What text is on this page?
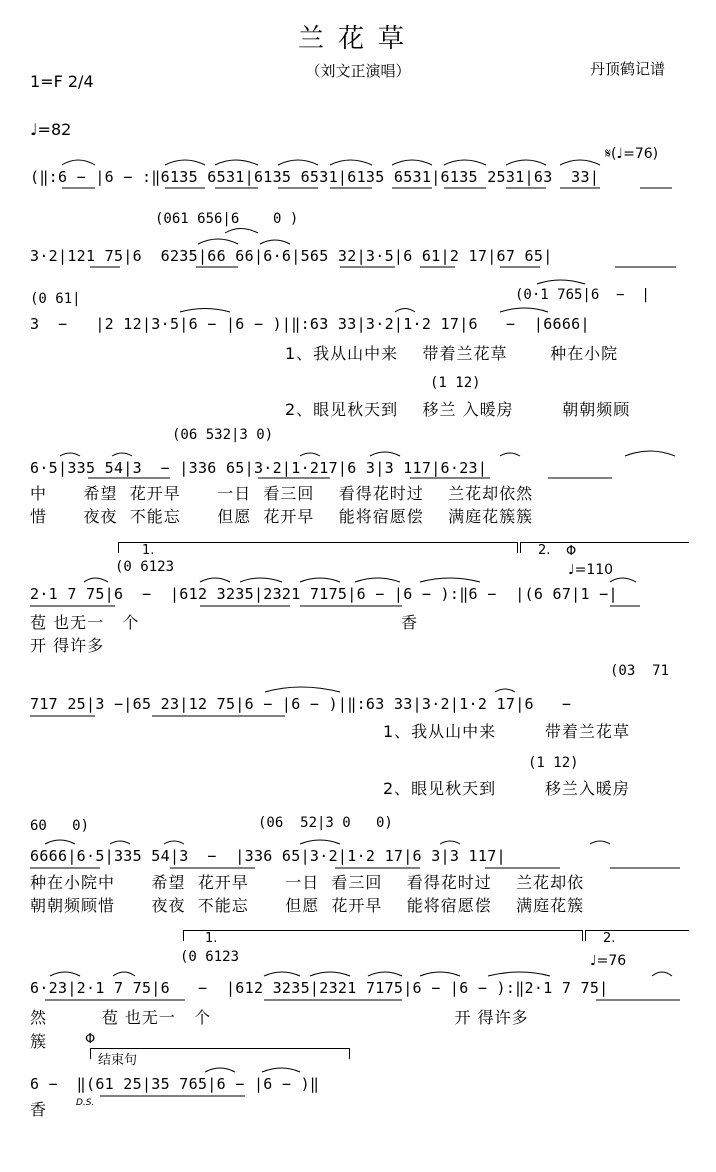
兰花草
（刘文正演唱）	丹顶鹤记谱
1=F 2/4
♩=82
𝄋(♩=76)
(‖:6 − |6 − :‖6135 6531|6135 6531|6135 6531|6135 2531|63  33|
(061 656|6    0 )
3·2|121 75|6  6235|66 66|6·6|565 32|3·5|6 61|2 17|67 65|
(0 61|	(0·1 765|6  −  |
3  −   |2 12|3·5|6 − |6 − )|‖:63 33|3·2|1·2 17|6   −  |6666|
1、我从山中来    带着兰花草       种在小院
(1 12)
2、眼见秋天到    移兰 入暖房        朝朝频顾
(06 532|3 0)
6·5|335 54|3  − |336 65|3·2|1·217|6 3|3 117|6·23|
中      希望  花开早      一日  看三回    看得花时过    兰花却依然
惜      夜夜  不能忘      但愿  花开早    能将宿愿偿    满庭花簇簇
1.	2. Φ
♩=110
(0 6123
2·1 7 75|6  −  |612 3235|2321 7175|6 − |6 − ):‖6 −  |(6 67|1 −|
苞 也无一   个                                           香
开 得许多
(03  71
717 25|3 −|65 23|12 75|6 − |6 − )|‖:63 33|3·2|1·2 17|6   −
1、我从山中来        带着兰花草
(1 12)
2、眼见秋天到        移兰入暖房
60   0)	(06  52|3 0   0)
6666|6·5|335 54|3  −  |336 65|3·2|1·2 17|6 3|3 117|
种在小院中      希望  花开早      一日  看三回    看得花时过    兰花却依
朝朝频顾惜      夜夜  不能忘      但愿  花开早    能将宿愿偿    满庭花簇
1.	2.
♩=76
(0 6123
6·23|2·1 7 75|6   −  |612 3235|2321 7175|6 − |6 − ):‖2·1 7 75|
然         苞 也无一   个                                        开 得许多
簇	Φ
结束句
6 −  ‖(61 25|35 765|6 − |6 − )‖
D.S.
香
